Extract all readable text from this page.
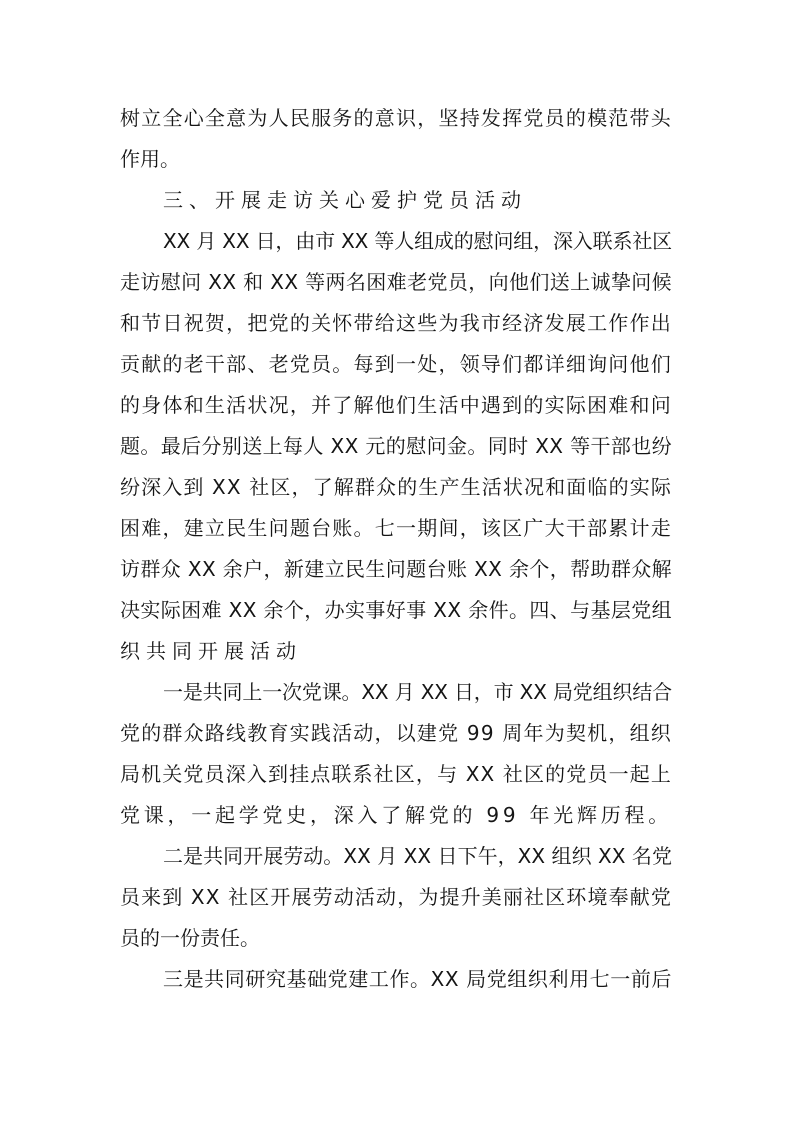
树立全心全意为人民服务的意识，坚持发挥党员的模范带头
作用。
三、开展走访关心爱护党员活动
XX 月 XX 日，由市 XX 等人组成的慰问组，深入联系社区
走访慰问 XX 和 XX 等两名困难老党员，向他们送上诚挚问候
和节日祝贺，把党的关怀带给这些为我市经济发展工作作出
贡献的老干部、老党员。每到一处，领导们都详细询问他们
的身体和生活状况，并了解他们生活中遇到的实际困难和问
题。最后分别送上每人 XX 元的慰问金。同时 XX 等干部也纷
纷深入到 XX 社区，了解群众的生产生活状况和面临的实际
困难，建立民生问题台账。七一期间，该区广大干部累计走
访群众 XX 余户，新建立民生问题台账 XX 余个，帮助群众解
决实际困难 XX 余个，办实事好事 XX 余件。四、与基层党组
织共同开展活动
一是共同上一次党课。XX 月 XX 日，市 XX 局党组织结合
党的群众路线教育实践活动，以建党 99 周年为契机，组织
局机关党员深入到挂点联系社区，与 XX 社区的党员一起上
党课，一起学党史，深入了解党的 99 年光辉历程。
二是共同开展劳动。XX 月 XX 日下午，XX 组织 XX 名党
员来到 XX 社区开展劳动活动，为提升美丽社区环境奉献党
员的一份责任。
三是共同研究基础党建工作。XX 局党组织利用七一前后
